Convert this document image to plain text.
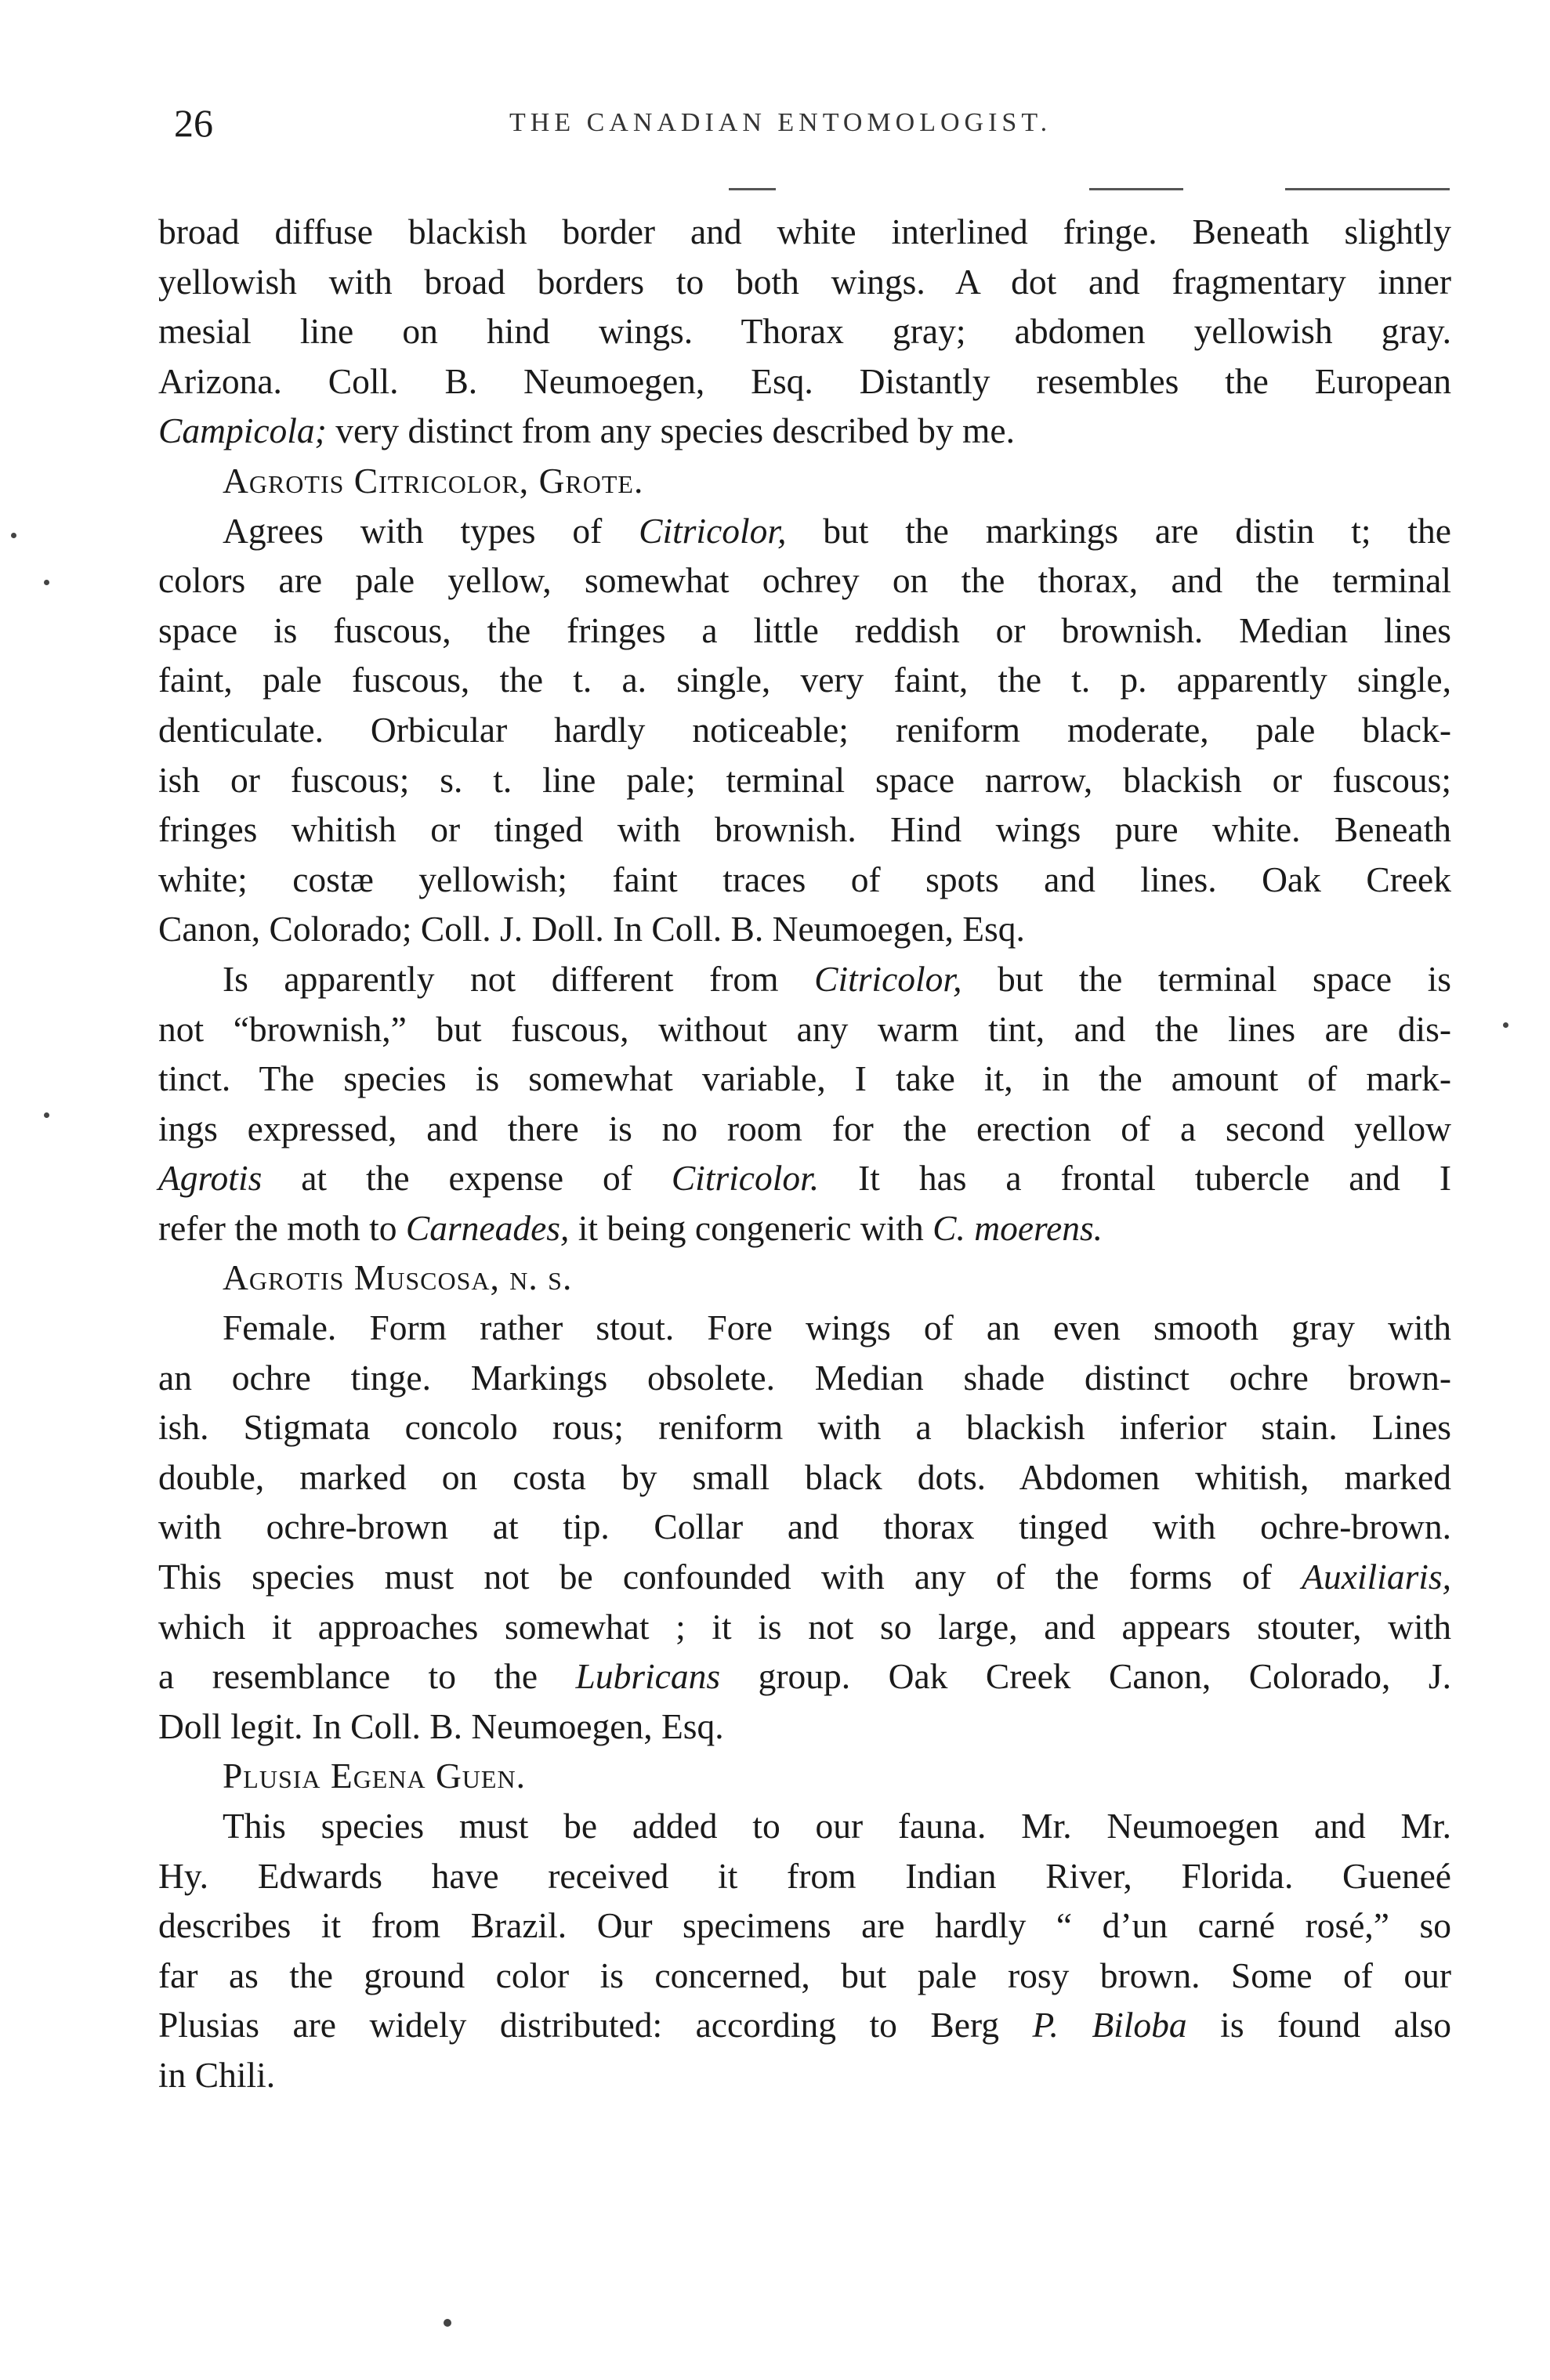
26	THE CANADIAN ENTOMOLOGIST.

broad diffuse blackish border and white interlined fringe. Beneath slightly
yellowish with broad borders to both wings. A dot and fragmentary inner
mesial line on hind wings. Thorax gray; abdomen yellowish gray.
Arizona. Coll. B. Neumoegen, Esq. Distantly resembles the European
Campicola; very distinct from any species described by me.

Agrotis Citricolor, Grote.

Agrees with types of Citricolor, but the markings are distin t; the
colors are pale yellow, somewhat ochrey on the thorax, and the terminal
space is fuscous, the fringes a little reddish or brownish. Median lines
faint, pale fuscous, the t. a. single, very faint, the t. p. apparently single,
denticulate. Orbicular hardly noticeable; reniform moderate, pale black-
ish or fuscous; s. t. line pale; terminal space narrow, blackish or fuscous;
fringes whitish or tinged with brownish. Hind wings pure white. Beneath
white; costæ yellowish; faint traces of spots and lines. Oak Creek
Canon, Colorado; Coll. J. Doll. In Coll. B. Neumoegen, Esq.

Is apparently not different from Citricolor, but the terminal space is
not “brownish,” but fuscous, without any warm tint, and the lines are dis-
tinct. The species is somewhat variable, I take it, in the amount of mark-
ings expressed, and there is no room for the erection of a second yellow
Agrotis at the expense of Citricolor. It has a frontal tubercle and I
refer the moth to Carneades, it being congeneric with C. moerens.

Agrotis Muscosa, n. s.

Female. Form rather stout. Fore wings of an even smooth gray with
an ochre tinge. Markings obsolete. Median shade distinct ochre brown-
ish. Stigmata concolo rous; reniform with a blackish inferior stain. Lines
double, marked on costa by small black dots. Abdomen whitish, marked
with ochre-brown at tip. Collar and thorax tinged with ochre-brown.
This species must not be confounded with any of the forms of Auxiliaris,
which it approaches somewhat ; it is not so large, and appears stouter, with
a resemblance to the Lubricans group. Oak Creek Canon, Colorado, J.
Doll legit. In Coll. B. Neumoegen, Esq.

Plusia Egena Guen.

This species must be added to our fauna. Mr. Neumoegen and Mr.
Hy. Edwards have received it from Indian River, Florida. Gueneé
describes it from Brazil. Our specimens are hardly “ d’un carné rosé,” so
far as the ground color is concerned, but pale rosy brown. Some of our
Plusias are widely distributed: according to Berg P. Biloba is found also
in Chili.
